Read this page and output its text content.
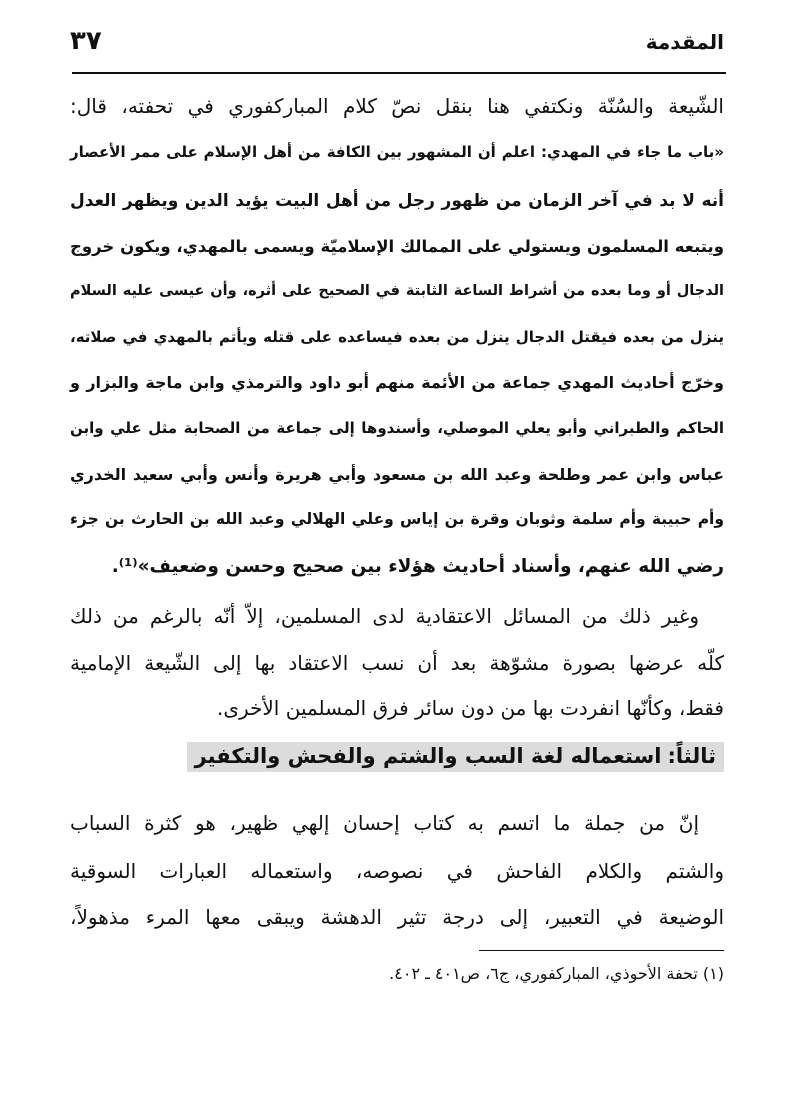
المقدمة
٣٧
الشّيعة والسُنّة ونكتفي هنا بنقل نصّ كلام المباركفوري في تحفته، قال:
«باب ما جاء في المهدي: اعلم أن المشهور بين الكافة من أهل الإسلام على ممر الأعصار
أنه لا بد في آخر الزمان من ظهور رجل من أهل البيت يؤيد الدين ويظهر العدل
ويتبعه المسلمون ويستولي على الممالك الإسلاميّة ويسمى بالمهدي، ويكون خروج
الدجال أو وما بعده من أشراط الساعة الثابتة في الصحيح على أثره، وأن عيسى عليه السلام
ينزل من بعده فيقتل الدجال ينزل من بعده فيساعده على قتله ويأتم بالمهدي في صلاته،
وخرّج أحاديث المهدي جماعة من الأئمة منهم أبو داود والترمذي وابن ماجة والبزار و
الحاكم والطبراني وأبو يعلي الموصلي، وأسندوها إلى جماعة من الصحابة مثل علي وابن
عباس وابن عمر وطلحة وعبد الله بن مسعود وأبي هريرة وأنس وأبي سعيد الخدري
وأم حبيبة وأم سلمة وثوبان وقرة بن إياس وعلي الهلالي وعبد الله بن الحارث بن جزء
رضي الله عنهم، وأسناد أحاديث هؤلاء بين صحيح وحسن وضعيف»⁽¹⁾.
وغير ذلك من المسائل الاعتقادية لدى المسلمين، إلاّ أنّه بالرغم من ذلك
كلّه عرضها بصورة مشوّهة بعد أن نسب الاعتقاد بها إلى الشّيعة الإمامية
فقط، وكأنّها انفردت بها من دون سائر فرق المسلمين الأخرى.
ثالثاً:استعماله لغة السب والشتم والفحش والتكفير
إنّ من جملة ما اتسم به كتاب إحسان إلهي ظهير، هو كثرة السباب
والشتم والكلام الفاحش في نصوصه، واستعماله العبارات السوقية
الوضيعة في التعبير، إلى درجة تثير الدهشة ويبقى معها المرء مذهولاً،
(١) تحفة الأحوذي، المباركفوري، ج٦، ص٤٠١ ـ ٤٠٢.
